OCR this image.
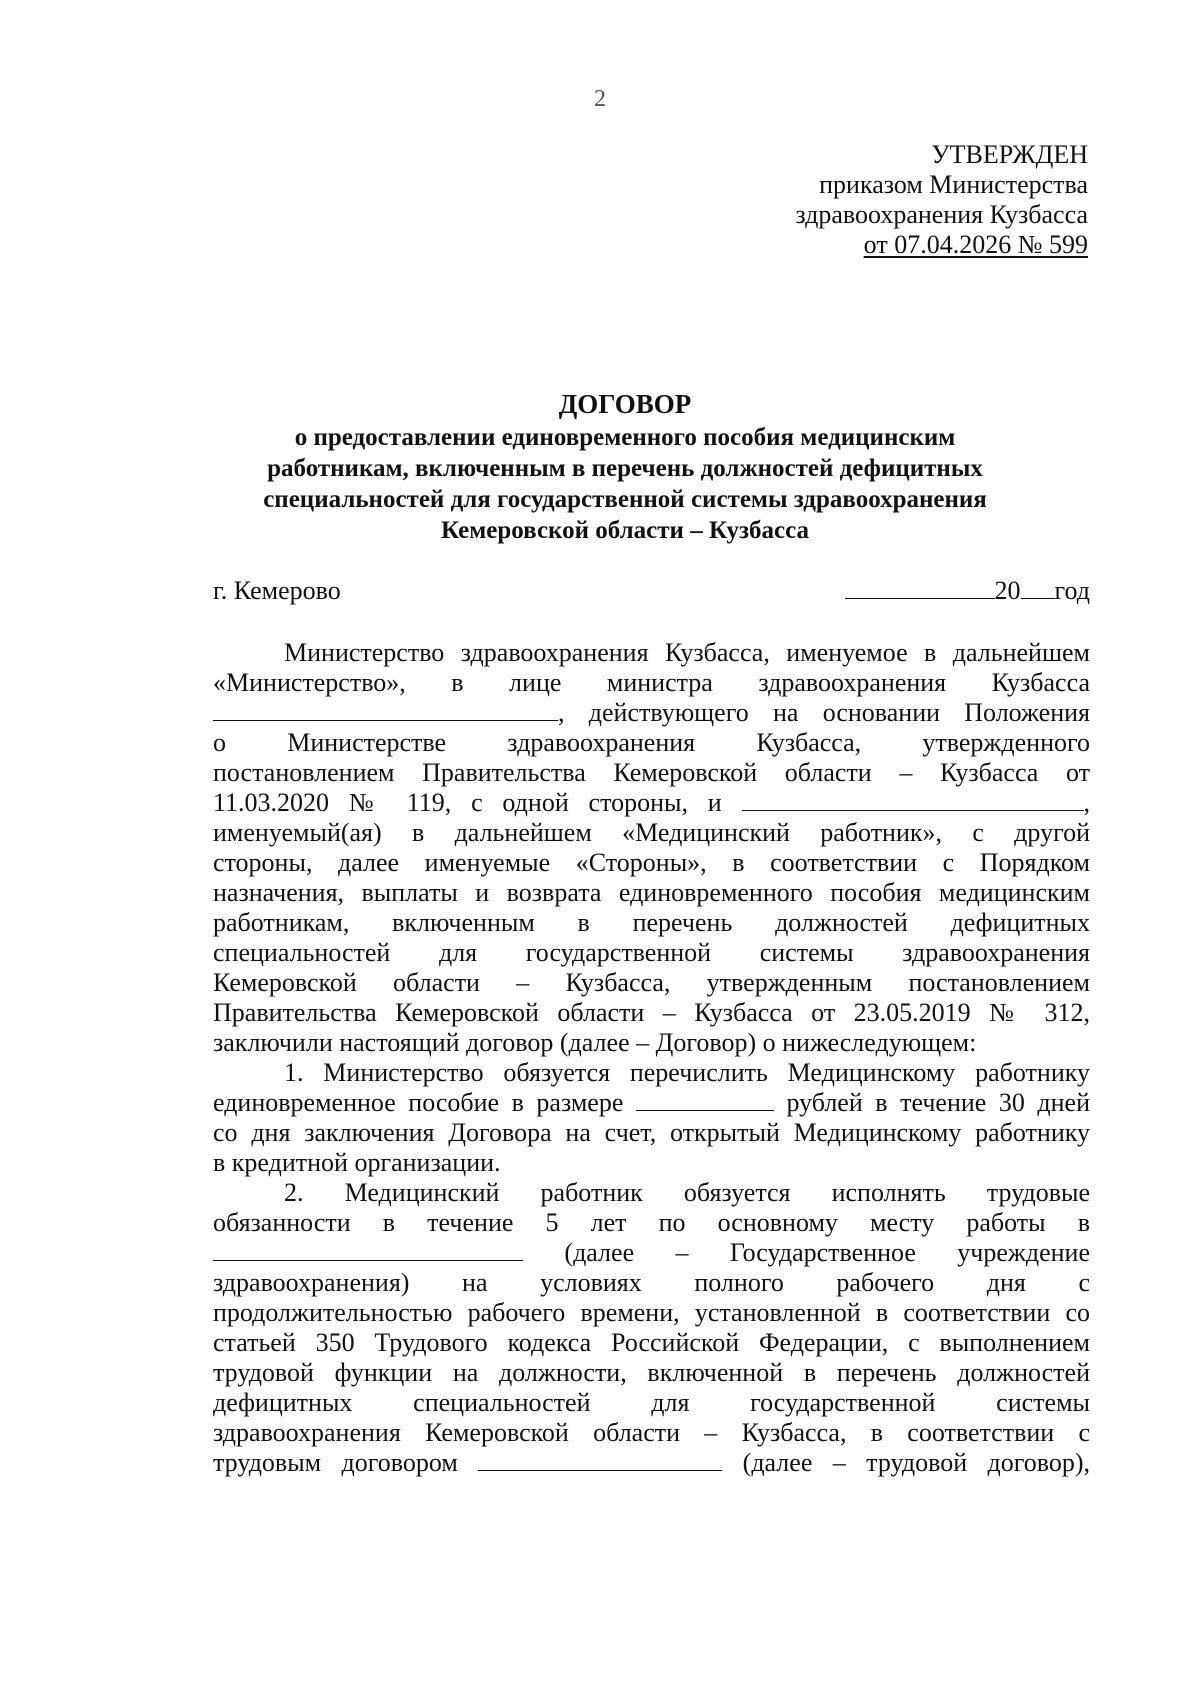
2
УТВЕРЖДЕН
приказом Министерства
здравоохранения Кузбасса
от 07.04.2026 № 599
ДОГОВОР
о предоставлении единовременного пособия медицинским
работникам, включенным в перечень должностей дефицитных
специальностей для государственной системы здравоохранения
Кемеровской области – Кузбасса
г. Кемерово	20 год
Министерство здравоохранения Кузбасса, именуемое в дальнейшем
«Министерство», в лице министра здравоохранения Кузбасса
, действующего на основании Положения
о Министерстве здравоохранения Кузбасса, утвержденного
постановлением Правительства Кемеровской области – Кузбасса от
11.03.2020 № 119, с одной стороны, и	,
именуемый(ая) в дальнейшем «Медицинский работник», с другой
стороны, далее именуемые «Стороны», в соответствии с Порядком
назначения, выплаты и возврата единовременного пособия медицинским
работникам, включенным в перечень должностей дефицитных
специальностей для государственной системы здравоохранения
Кемеровской области – Кузбасса, утвержденным постановлением
Правительства Кемеровской области – Кузбасса от 23.05.2019 № 312,
заключили настоящий договор (далее – Договор) о нижеследующем:
1. Министерство обязуется перечислить Медицинскому работнику
единовременное пособие в размере	рублей в течение 30 дней
со дня заключения Договора на счет, открытый Медицинскому работнику
в кредитной организации.
2. Медицинский работник обязуется исполнять трудовые
обязанности в течение 5 лет по основному месту работы в
(далее – Государственное учреждение
здравоохранения) на условиях полного рабочего дня с
продолжительностью рабочего времени, установленной в соответствии со
статьей 350 Трудового кодекса Российской Федерации, с выполнением
трудовой функции на должности, включенной в перечень должностей
дефицитных специальностей для государственной системы
здравоохранения Кемеровской области – Кузбасса, в соответствии с
трудовым договором	(далее – трудовой договор),
